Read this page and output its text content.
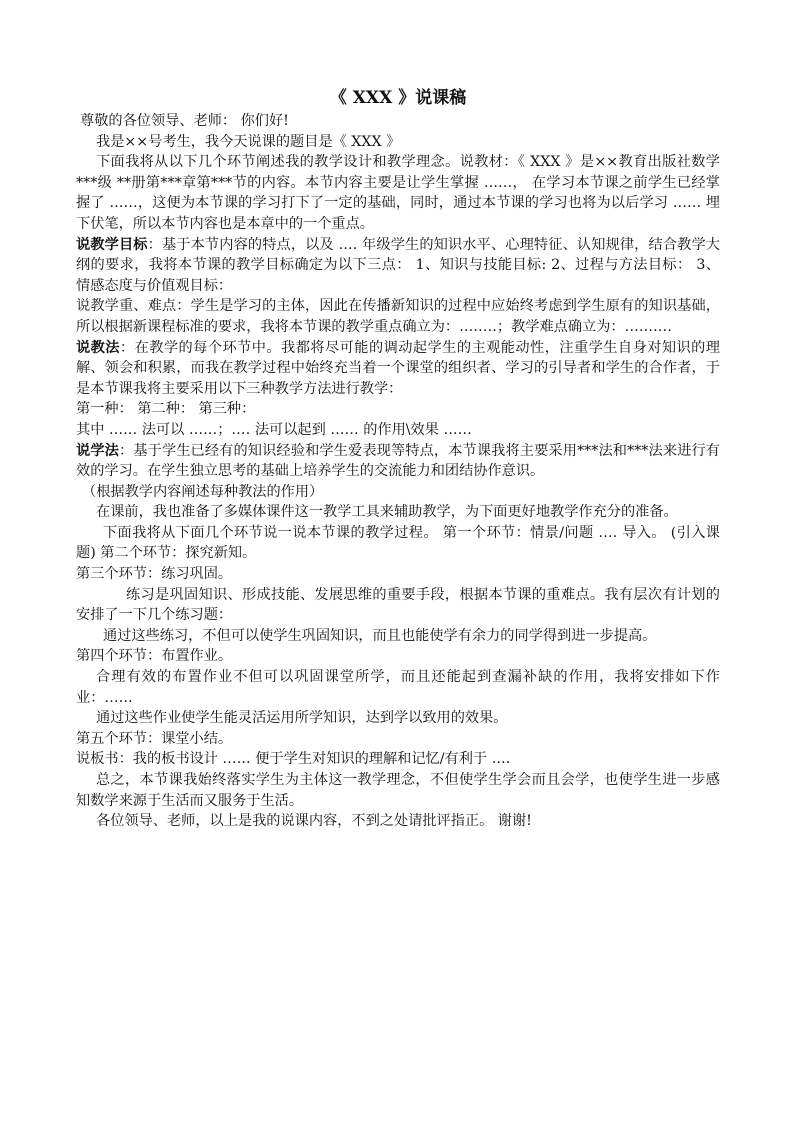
《 XXX 》说课稿

尊敬的各位领导、老师： 你们好!

我是××号考生，我今天说课的题目是《 XXX 》

下面我将从以下几个环节阐述我的教学设计和教学理念。说教材：《 XXX 》是××教育出版社数学 ***级 **册第***章第***节的内容。本节内容主要是让学生掌握 ‥‥‥， 在学习本节课之前学生已经掌握了 ‥‥‥，这便为本节课的学习打下了一定的基础，同时，通过本节课的学习也将为以后学习 ‥‥‥ 埋下伏笔，所以本节内容也是本章中的一个重点。

说教学目标：基于本节内容的特点，以及 ‥‥ 年级学生的知识水平、心理特征、认知规律，结合教学大纲的要求，我将本节课的教学目标确定为以下三点： 1、知识与技能目标: 2、过程与方法目标： 3、 情感态度与价值观目标：

说教学重、难点：学生是学习的主体，因此在传播新知识的过程中应始终考虑到学生原有的知识基础，所以根据新课程标准的要求，我将本节课的教学重点确立为：‥‥‥‥；教学难点确立为：‥‥‥‥‥

说教法：在教学的每个环节中。我都将尽可能的调动起学生的主观能动性，注重学生自身对知识的理解、领会和积累，而我在教学过程中始终充当着一个课堂的组织者、学习的引导者和学生的合作者，于是本节课我将主要采用以下三种教学方法进行教学：

第一种： 第二种： 第三种：

其中 ‥‥‥ 法可以 ‥‥‥；‥‥ 法可以起到 ‥‥‥ 的作用\效果 ‥‥‥

说学法：基于学生已经有的知识经验和学生爱表现等特点，本节课我将主要采用***法和***法来进行有效的学习。在学生独立思考的基础上培养学生的交流能力和团结协作意识。

（根据教学内容阐述每种教法的作用）

在课前，我也准备了多媒体课件这一教学工具来辅助教学，为下面更好地教学作充分的准备。

下面我将从下面几个环节说一说本节课的教学过程。 第一个环节：情景/问题 ‥‥ 导入。 (引入课题) 第二个环节：探究新知。

第三个环节：练习巩固。

练习是巩固知识、形成技能、发展思维的重要手段，根据本节课的重难点。我有层次有计划的安排了一下几个练习题：

通过这些练习，不但可以使学生巩固知识，而且也能使学有余力的同学得到进一步提高。

第四个环节：布置作业。

合理有效的布置作业不但可以巩固课堂所学，而且还能起到查漏补缺的作用，我将安排如下作业：‥‥‥

通过这些作业使学生能灵活运用所学知识，达到学以致用的效果。

第五个环节：课堂小结。

说板书：我的板书设计 ‥‥‥ 便于学生对知识的理解和记忆/有利于 ‥‥

总之，本节课我始终落实学生为主体这一教学理念，不但使学生学会而且会学，也使学生进一步感知数学来源于生活而又服务于生活。

各位领导、老师，以上是我的说课内容，不到之处请批评指正。 谢谢!
